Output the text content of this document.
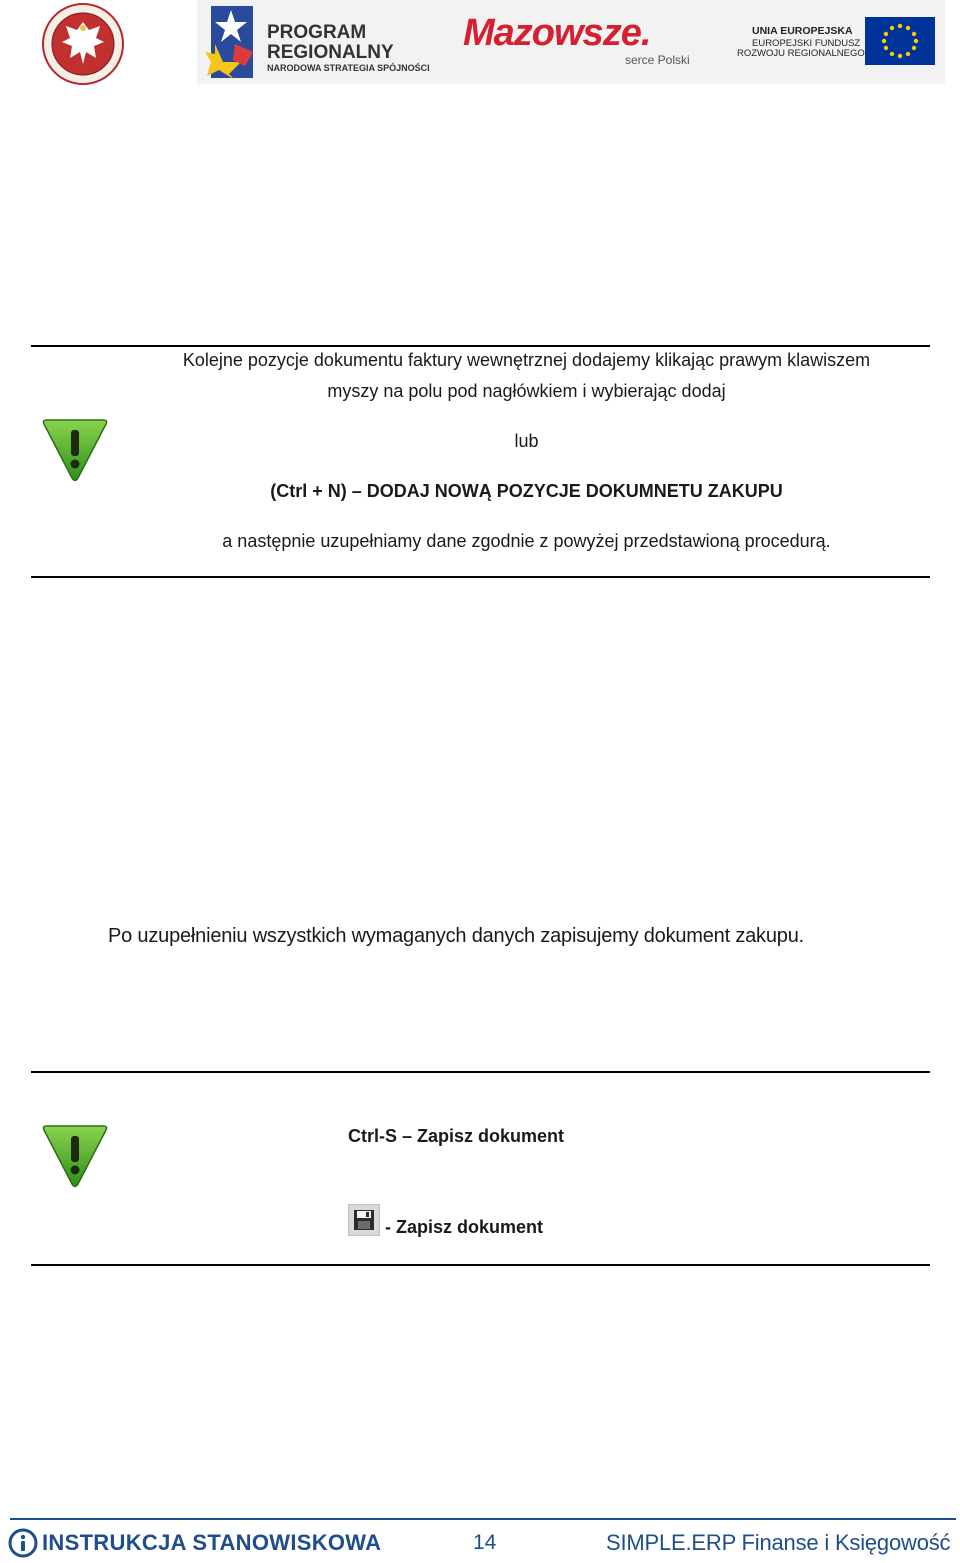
PROGRAM
REGIONALNY
NARODOWA STRATEGIA SPÓJNOŚCI
Mazowsze.
serce Polski
UNIA EUROPEJSKA
EUROPEJSKI FUNDUSZ
ROZWOJU REGIONALNEGO
Kolejne pozycje dokumentu faktury wewnętrznej dodajemy klikając prawym klawiszem
myszy na polu pod nagłówkiem i wybierając dodaj
lub
(Ctrl + N) – DODAJ NOWĄ POZYCJE DOKUMNETU ZAKUPU
a następnie uzupełniamy dane zgodnie z powyżej przedstawioną procedurą.
Po uzupełnieniu wszystkich wymaganych danych zapisujemy dokument zakupu.
Ctrl-S – Zapisz dokument
- Zapisz dokument
INSTRUKCJA STANOWISKOWA	14	SIMPLE.ERP Finanse i Księgowość
